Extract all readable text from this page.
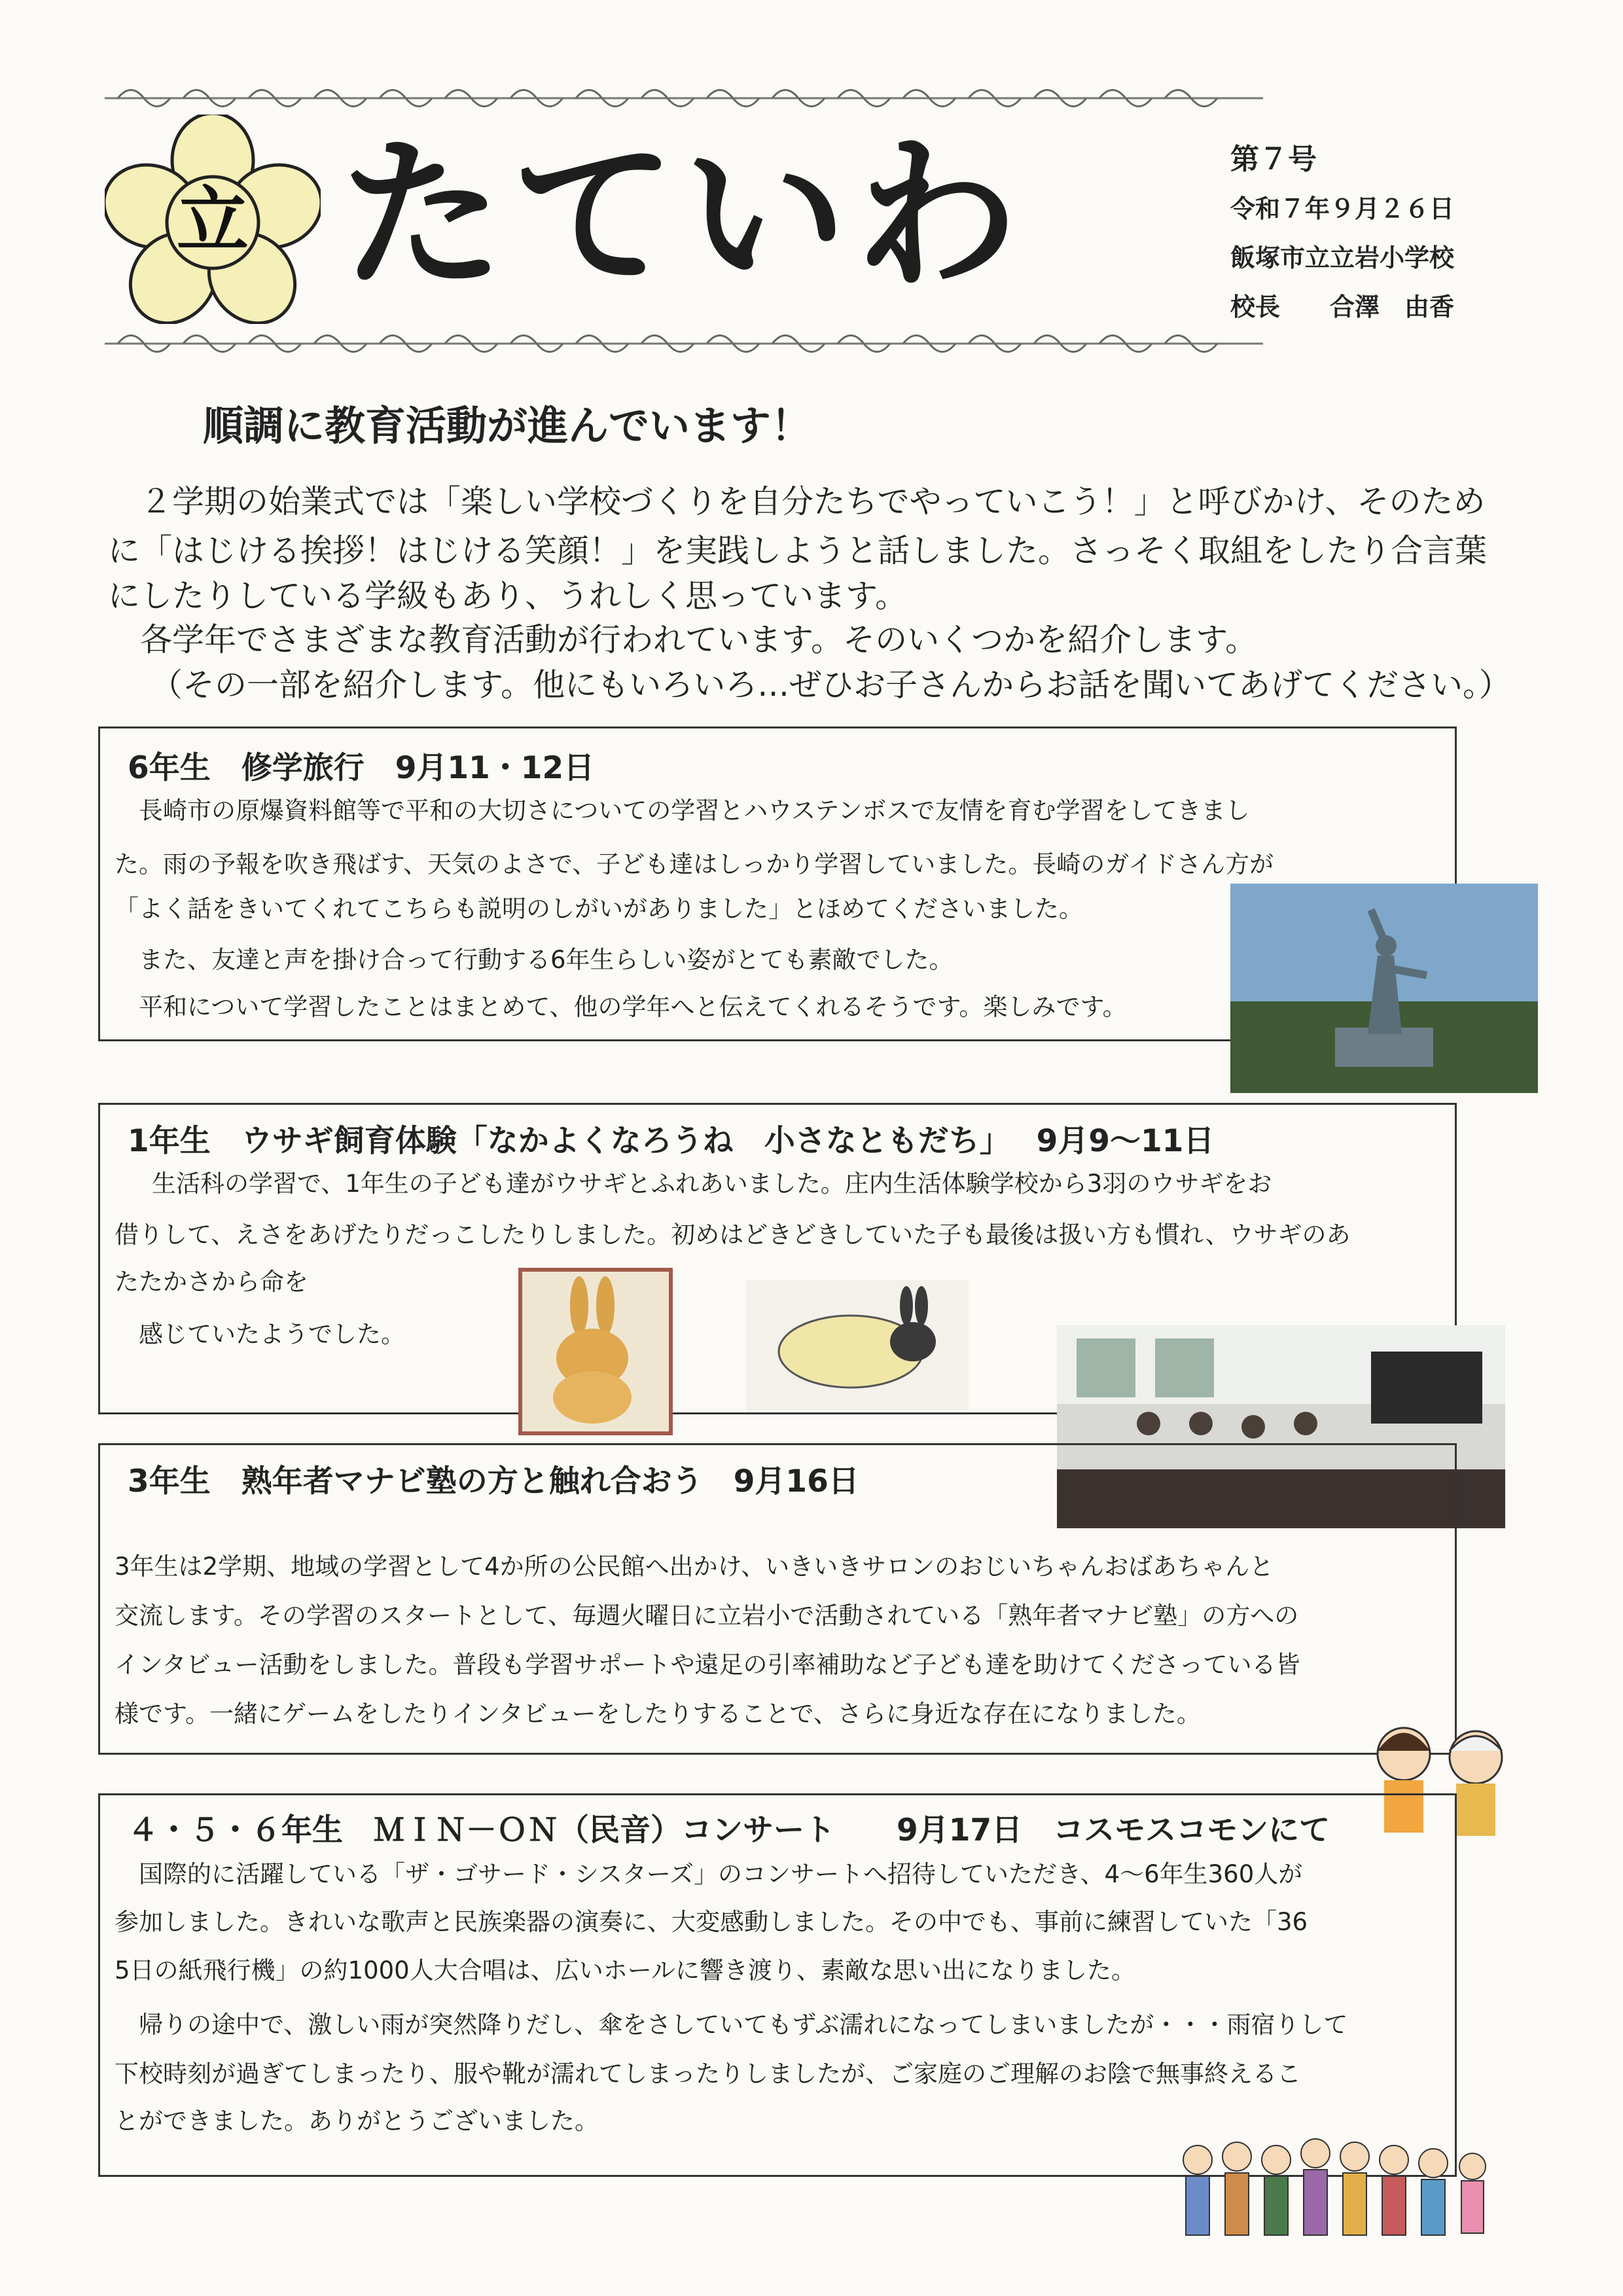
立 たていわ	第７号
令和７年９月２６日
飯塚市立立岩小学校
校長　　合澤　由香
順調に教育活動が進んでいます！
　２学期の始業式では「楽しい学校づくりを自分たちでやっていこう！」と呼びかけ、そのため
に「はじける挨拶！はじける笑顔！」を実践しようと話しました。さっそく取組をしたり合言葉
にしたりしている学級もあり、うれしく思っています。
　各学年でさまざまな教育活動が行われています。そのいくつかを紹介します。
（その一部を紹介します。他にもいろいろ…ぜひお子さんからお話を聞いてあげてください。）
6年生　修学旅行　9月11・12日
　長崎市の原爆資料館等で平和の大切さについての学習とハウステンボスで友情を育む学習をしてきまし
た。雨の予報を吹き飛ばす、天気のよさで、子ども達はしっかり学習していました。長崎のガイドさん方が
「よく話をきいてくれてこちらも説明のしがいがありました」とほめてくださいました。
　また、友達と声を掛け合って行動する6年生らしい姿がとても素敵でした。
　平和について学習したことはまとめて、他の学年へと伝えてくれるそうです。楽しみです。
1年生　ウサギ飼育体験「なかよくなろうね　小さなともだち」　 9月9～11日
　生活科の学習で、1年生の子ども達がウサギとふれあいました。庄内生活体験学校から3羽のウサギをお
借りして、えさをあげたりだっこしたりしました。初めはどきどきしていた子も最後は扱い方も慣れ、ウサギのあ
たたかさから命を
　感じていたようでした。
3年生　熟年者マナビ塾の方と触れ合おう　9月16日
3年生は2学期、地域の学習として4か所の公民館へ出かけ、いきいきサロンのおじいちゃんおばあちゃんと
交流します。その学習のスタートとして、毎週火曜日に立岩小で活動されている「熟年者マナビ塾」の方への
インタビュー活動をしました。普段も学習サポートや遠足の引率補助など子ども達を助けてくださっている皆
様です。一緒にゲームをしたりインタビューをしたりすることで、さらに身近な存在になりました。
４・５・６年生　ＭＩＮ－ＯＮ（民音）コンサート　　9月17日　コスモスコモンにて
　国際的に活躍している「ザ・ゴサード・シスターズ」のコンサートへ招待していただき、4～6年生360人が
参加しました。きれいな歌声と民族楽器の演奏に、大変感動しました。その中でも、事前に練習していた「36
5日の紙飛行機」の約1000人大合唱は、広いホールに響き渡り、素敵な思い出になりました。
　帰りの途中で、激しい雨が突然降りだし、傘をさしていてもずぶ濡れになってしまいましたが・・・雨宿りして
下校時刻が過ぎてしまったり、服や靴が濡れてしまったりしましたが、ご家庭のご理解のお陰で無事終えるこ
とができました。ありがとうございました。
